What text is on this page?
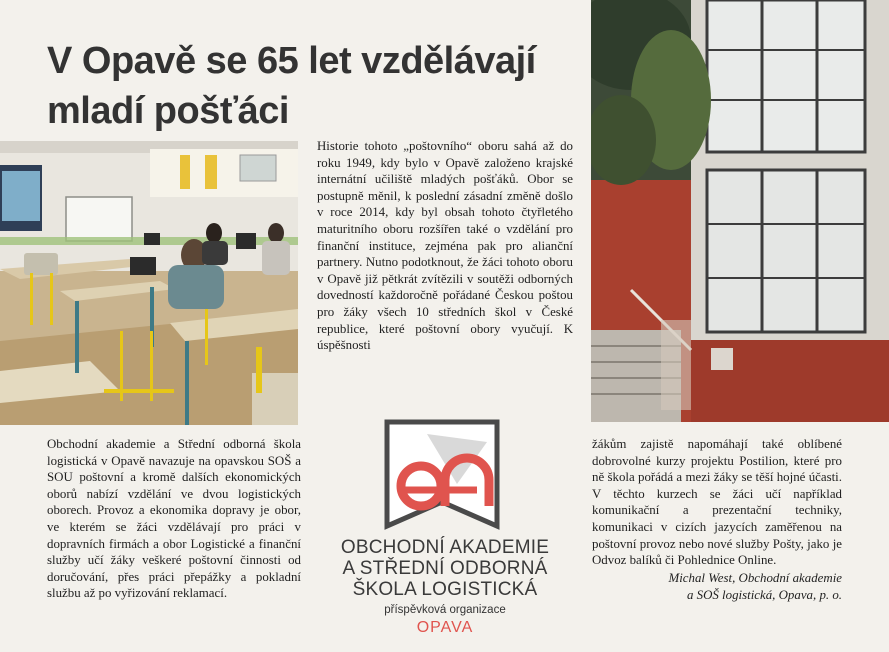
V Opavě se 65 let vzdělávají
mladí pošťáci

Historie tohoto „poštovního“ oboru sahá až do roku 1949, kdy bylo v Opavě založeno krajské internátní učiliště mladých pošťáků. Obor se postupně měnil, k poslední zásadní změně došlo v roce 2014, kdy byl obsah tohoto čtyřletého maturitního oboru rozšířen také o vzdělání pro finanční instituce, zejména pak pro alianční partnery. Nutno podotknout, že žáci tohoto oboru v Opavě již pětkrát zvítězili v soutěži odborných dovedností každoročně pořádané Českou poštou pro žáky všech 10 středních škol v České republice, které poštovní obory vyučují. K úspěšnosti

OBCHODNÍ AKADEMIE
A STŘEDNÍ ODBORNÁ
ŠKOLA LOGISTICKÁ
příspěvková organizace
OPAVA

Obchodní akademie a Střední odborná škola logistická v Opavě navazuje na opavskou SOŠ a SOU poštovní a kromě dalších ekonomických oborů nabízí vzdělání ve dvou logistických oborech. Provoz a ekonomika dopravy je obor, ve kterém se žáci vzdělávají pro práci v dopravních firmách a obor Logistické a finanční služby učí žáky veškeré poštovní činnosti od doručování, přes práci přepážky a pokladní službu až po vyřizování reklamací.

žákům zajistě napomáhají také oblíbené dobrovolné kurzy projektu Postilion, které pro ně škola pořádá a mezi žáky se těší hojné účasti. V těchto kurzech se žáci učí například komunikační a prezentační techniky, komunikaci v cizích jazycích zaměřenou na poštovní provoz nebo nové služby Pošty, jako je Odvoz balíků či Pohlednice Online.

Michal West, Obchodní akademie
a SOŠ logistická, Opava, p. o.
